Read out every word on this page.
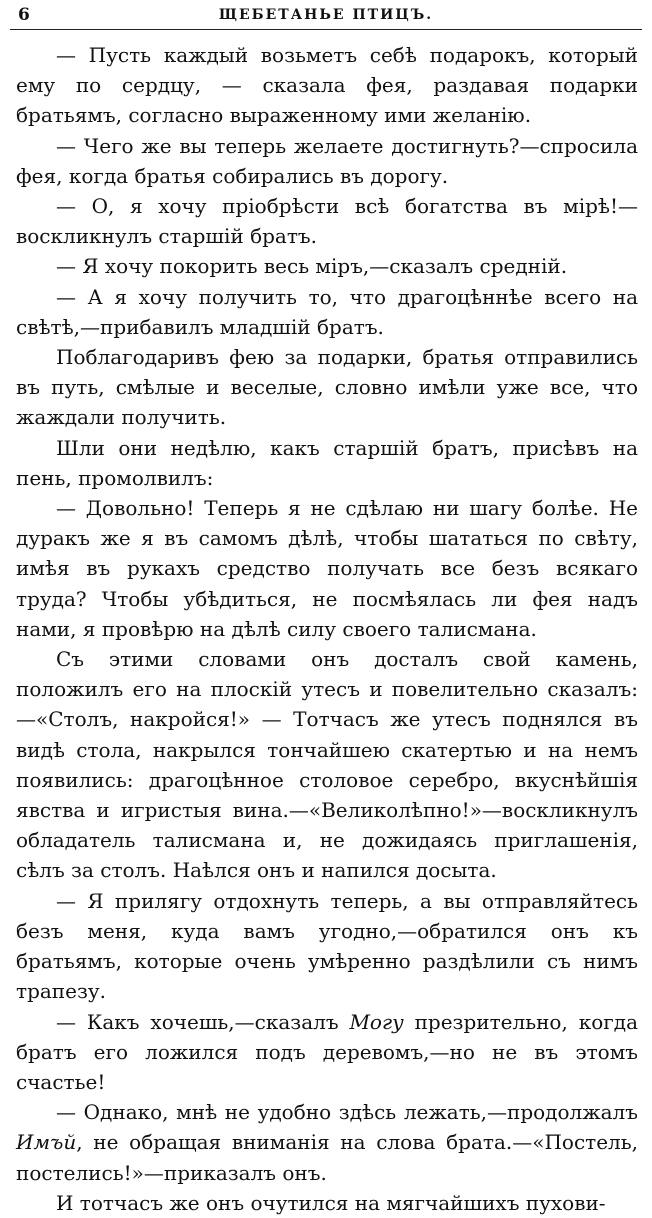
6	ЩЕБЕТАНЬЕ ПТИЦЪ.

— Пусть каждый возьметъ себѣ подарокъ, который ему по сердцу, — сказала фея, раздавая подарки братьямъ, согласно выраженному ими желанію.

— Чего же вы теперь желаете достигнуть?—спросила фея, когда братья собирались въ дорогу.

— О, я хочу пріобрѣсти всѣ богатства въ мірѣ!—воскликнулъ старшій братъ.

— Я хочу покорить весь міръ,—сказалъ средній.

— А я хочу получить то, что драгоцѣннѣе всего на свѣтѣ,—прибавилъ младшій братъ.

Поблагодаривъ фею за подарки, братья отправились въ путь, смѣлые и веселые, словно имѣли уже все, что жаждали получить.

Шли они недѣлю, какъ старшій братъ, присѣвъ на пень, промолвилъ:

— Довольно! Теперь я не сдѣлаю ни шагу болѣе. Не дуракъ же я въ самомъ дѣлѣ, чтобы шататься по свѣту, имѣя въ рукахъ средство получать все безъ всякаго труда? Чтобы убѣдиться, не посмѣялась ли фея надъ нами, я провѣрю на дѣлѣ силу своего талисмана.

Съ этими словами онъ досталъ свой камень, положилъ его на плоскій утесъ и повелительно сказалъ:—«Столъ, накройся!» — Тотчасъ же утесъ поднялся въ видѣ стола, накрылся тончайшею скатертью и на немъ появились: драгоцѣнное столовое серебро, вкуснѣйшія явства и игристыя вина.—«Великолѣпно!»—воскликнулъ обладатель талисмана и, не дожидаясь приглашенія, сѣлъ за столъ. Наѣлся онъ и напился досыта.

— Я прилягу отдохнуть теперь, а вы отправляйтесь безъ меня, куда вамъ угодно,—обратился онъ къ братьямъ, которые очень умѣренно раздѣлили съ нимъ трапезу.

— Какъ хочешь,—сказалъ Могу презрительно, когда братъ его ложился подъ деревомъ,—но не въ этомъ счастье!

— Однако, мнѣ не удобно здѣсь лежать,—продолжалъ Имъй, не обращая вниманія на слова брата.—«Постель, постелись!»—приказалъ онъ.

И тотчасъ же онъ очутился на мягчайшихъ пухови-
